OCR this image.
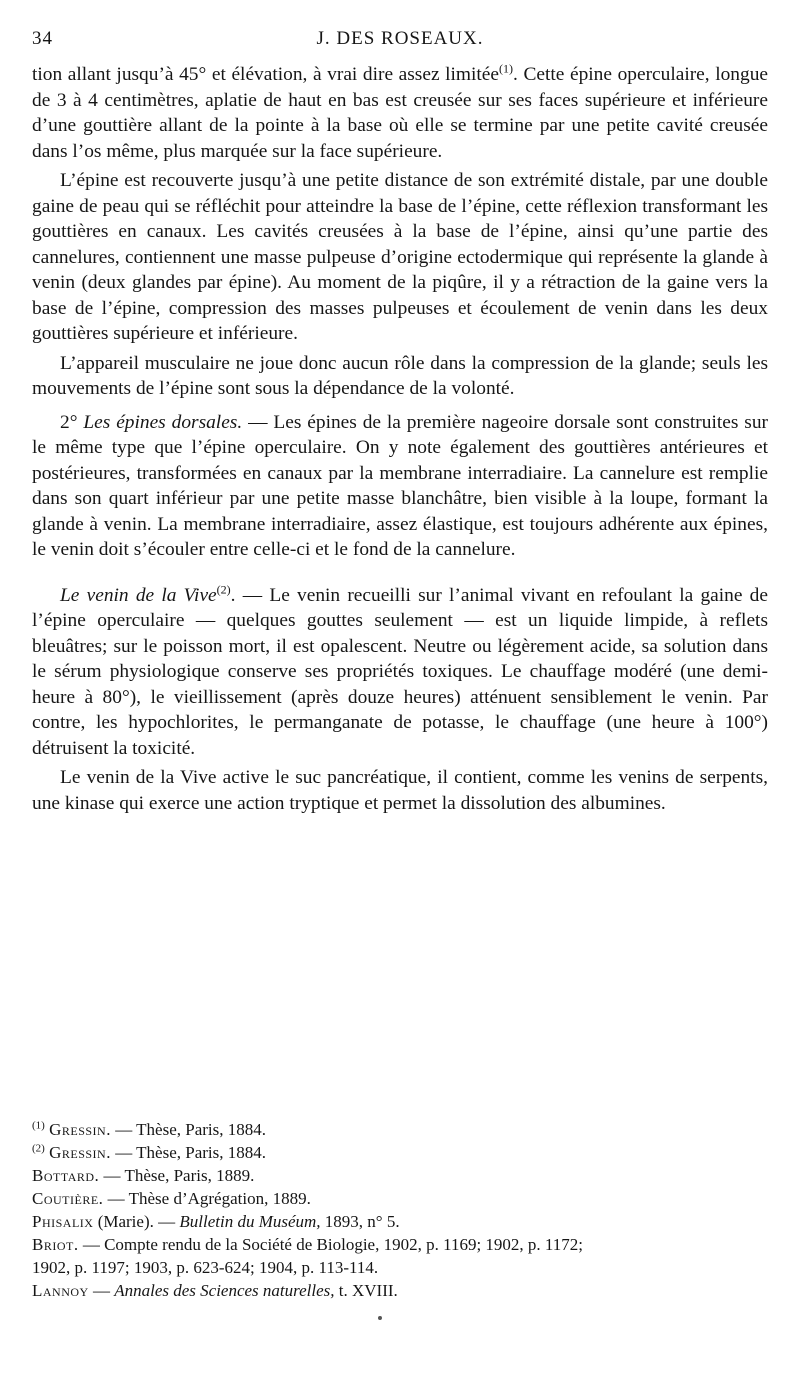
34	J. DES ROSEAUX.

tion allant jusqu’à 45° et élévation, à vrai dire assez limitée$^{(1)}$. Cette épine operculaire, longue de 3 à 4 centimètres, aplatie de haut en bas est creusée sur ses faces supérieure et inférieure d’une gouttière allant de la pointe à la base où elle se termine par une petite cavité creusée dans l’os même, plus marquée sur la face supérieure.

L’épine est recouverte jusqu’à une petite distance de son extrémité distale, par une double gaine de peau qui se réfléchit pour atteindre la base de l’épine, cette réflexion transformant les gouttières en canaux. Les cavités creusées à la base de l’épine, ainsi qu’une partie des cannelures, contiennent une masse pulpeuse d’origine ectodermique qui représente la glande à venin (deux glandes par épine). Au moment de la piqûre, il y a rétraction de la gaine vers la base de l’épine, compression des masses pulpeuses et écoulement de venin dans les deux gouttières supérieure et inférieure.

L’appareil musculaire ne joue donc aucun rôle dans la compression de la glande; seuls les mouvements de l’épine sont sous la dépendance de la volonté.

2° Les épines dorsales. — Les épines de la première nageoire dorsale sont construites sur le même type que l’épine operculaire. On y note également des gouttières antérieures et postérieures, transformées en canaux par la membrane interradiaire. La cannelure est remplie dans son quart inférieur par une petite masse blanchâtre, bien visible à la loupe, formant la glande à venin. La membrane interradiaire, assez élastique, est toujours adhérente aux épines, le venin doit s’écouler entre celle-ci et le fond de la cannelure.

Le venin de la Vive$^{(2)}$. — Le venin recueilli sur l’animal vivant en refoulant la gaine de l’épine operculaire — quelques gouttes seulement — est un liquide limpide, à reflets bleuâtres; sur le poisson mort, il est opalescent. Neutre ou légèrement acide, sa solution dans le sérum physiologique conserve ses propriétés toxiques. Le chauffage modéré (une demi-heure à 80°), le vieillissement (après douze heures) atténuent sensiblement le venin. Par contre, les hypochlorites, le permanganate de potasse, le chauffage (une heure à 100°) détruisent la toxicité.

Le venin de la Vive active le suc pancréatique, il contient, comme les venins de serpents, une kinase qui exerce une action tryptique et permet la dissolution des albumines.

$^{(1)}$ Gressin. — Thèse, Paris, 1884.
$^{(2)}$ Gressin. — Thèse, Paris, 1884.
Bottard. — Thèse, Paris, 1889.
Coutière. — Thèse d’Agrégation, 1889.
Phisalix (Marie). — Bulletin du Muséum, 1893, n° 5.
Briot. — Compte rendu de la Société de Biologie, 1902, p. 1169; 1902, p. 1172;
1902, p. 1197; 1903, p. 623-624; 1904, p. 113-114.
Lannoy — Annales des Sciences naturelles, t. XVIII.
